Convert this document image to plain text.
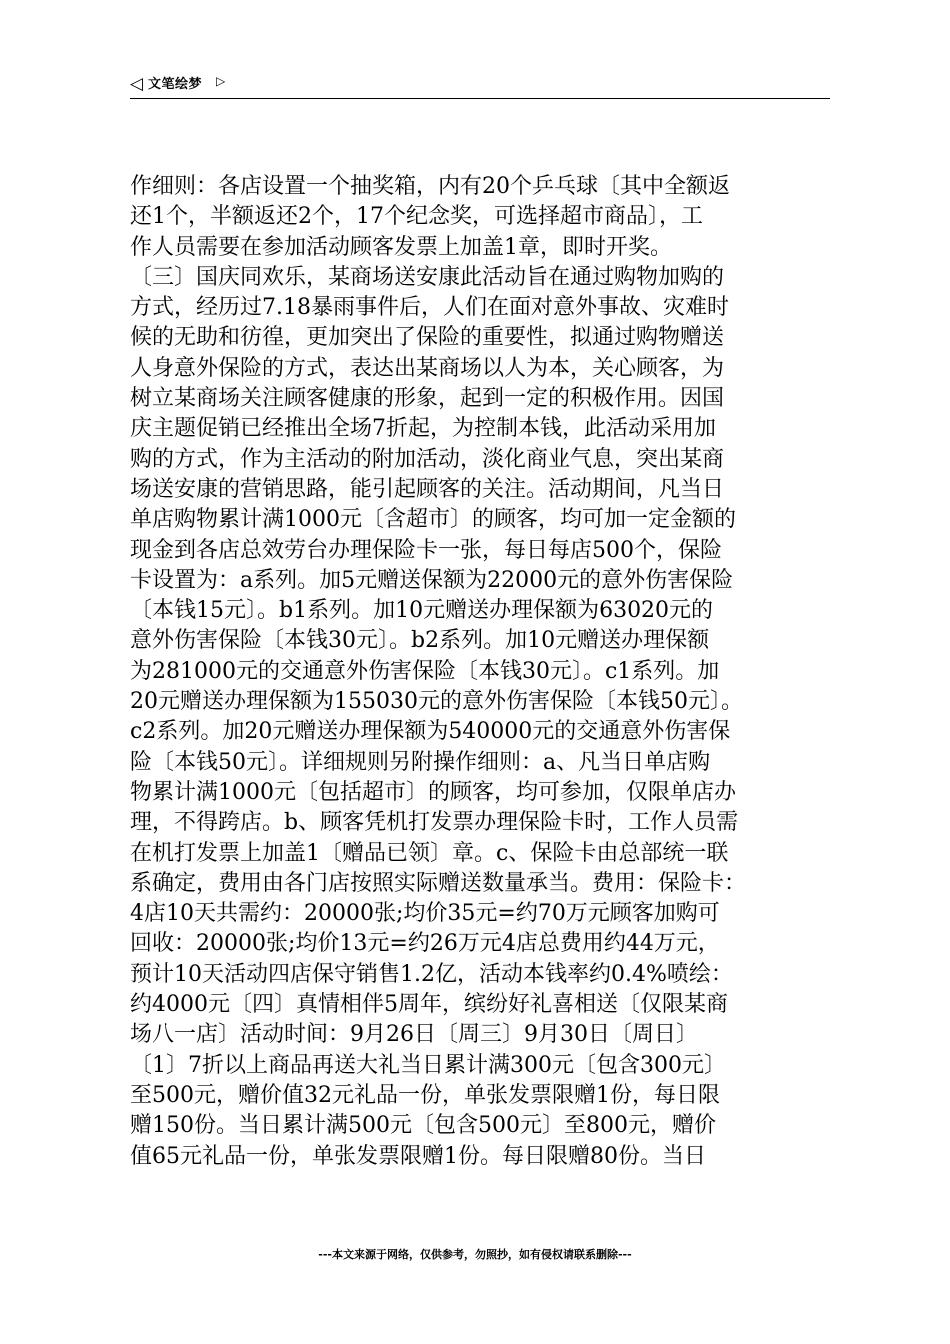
◁ 文笔绘梦 ▷
作细则：各店设置一个抽奖箱，内有20个乒乓球〔其中全额返
还1个，半额返还2个，17个纪念奖，可选择超市商品〕，工
作人员需要在参加活动顾客发票上加盖1章，即时开奖。
〔三〕国庆同欢乐，某商场送安康此活动旨在通过购物加购的
方式，经历过7.18暴雨事件后，人们在面对意外事故、灾难时
候的无助和彷徨，更加突出了保险的重要性，拟通过购物赠送
人身意外保险的方式，表达出某商场以人为本，关心顾客，为
树立某商场关注顾客健康的形象，起到一定的积极作用。因国
庆主题促销已经推出全场7折起，为控制本钱，此活动采用加
购的方式，作为主活动的附加活动，淡化商业气息，突出某商
场送安康的营销思路，能引起顾客的关注。活动期间，凡当日
单店购物累计满1000元〔含超市〕的顾客，均可加一定金额的
现金到各店总效劳台办理保险卡一张，每日每店500个，保险
卡设置为：a系列。加5元赠送保额为22000元的意外伤害保险
〔本钱15元〕。b1系列。加10元赠送办理保额为63020元的
意外伤害保险〔本钱30元〕。b2系列。加10元赠送办理保额
为281000元的交通意外伤害保险〔本钱30元〕。c1系列。加
20元赠送办理保额为155030元的意外伤害保险〔本钱50元〕。
c2系列。加20元赠送办理保额为540000元的交通意外伤害保
险〔本钱50元〕。详细规则另附操作细则：a、凡当日单店购
物累计满1000元〔包括超市〕的顾客，均可参加，仅限单店办
理，不得跨店。b、顾客凭机打发票办理保险卡时，工作人员需
在机打发票上加盖1〔赠品已领〕章。c、保险卡由总部统一联
系确定，费用由各门店按照实际赠送数量承当。费用：保险卡：
4店10天共需约：20000张;均价35元=约70万元顾客加购可
回收：20000张;均价13元=约26万元4店总费用约44万元，
预计10天活动四店保守销售1.2亿，活动本钱率约0.4%喷绘：
约4000元〔四〕真情相伴5周年，缤纷好礼喜相送〔仅限某商
场八一店〕活动时间：9月26日〔周三〕9月30日〔周日〕
〔1〕7折以上商品再送大礼当日累计满300元〔包含300元〕
至500元，赠价值32元礼品一份，单张发票限赠1份，每日限
赠150份。当日累计满500元〔包含500元〕至800元，赠价
值65元礼品一份，单张发票限赠1份。每日限赠80份。当日
---本文来源于网络，仅供参考，勿照抄，如有侵权请联系删除---
